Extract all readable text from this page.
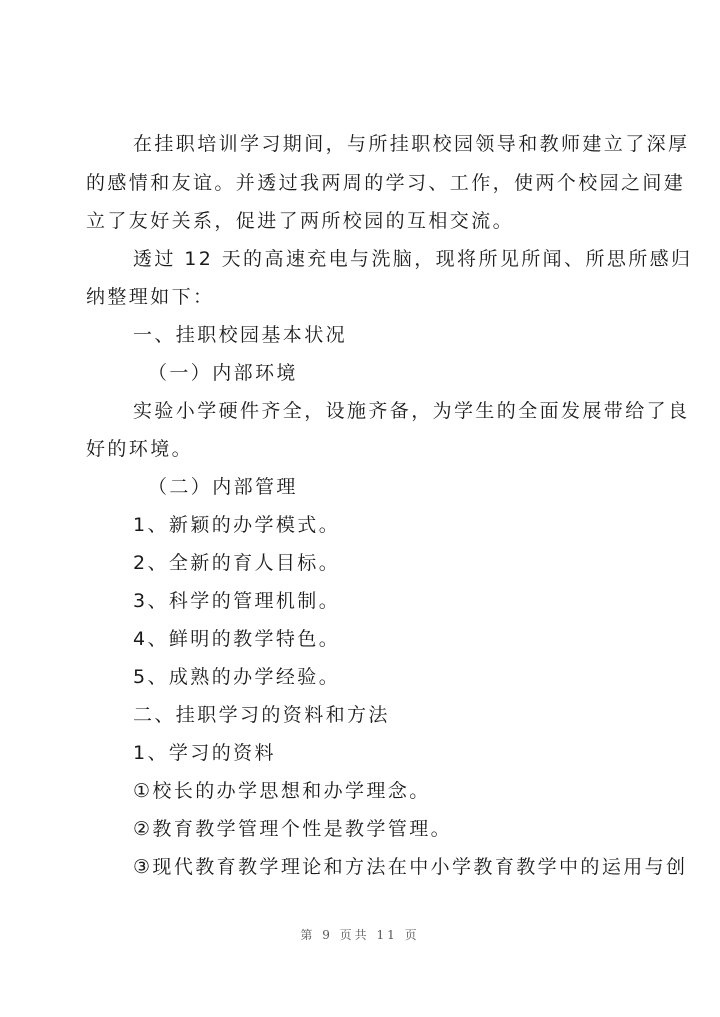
在挂职培训学习期间，与所挂职校园领导和教师建立了深厚
的感情和友谊。并透过我两周的学习、工作，使两个校园之间建
立了友好关系，促进了两所校园的互相交流。
透过 12 天的高速充电与洗脑，现将所见所闻、所思所感归
纳整理如下：
一、挂职校园基本状况
（一）内部环境
实验小学硬件齐全，设施齐备，为学生的全面发展带给了良
好的环境。
（二）内部管理
1、新颖的办学模式。
2、全新的育人目标。
3、科学的管理机制。
4、鲜明的教学特色。
5、成熟的办学经验。
二、挂职学习的资料和方法
1、学习的资料
①校长的办学思想和办学理念。
②教育教学管理个性是教学管理。
③现代教育教学理论和方法在中小学教育教学中的运用与创
第 9 页共 11 页
